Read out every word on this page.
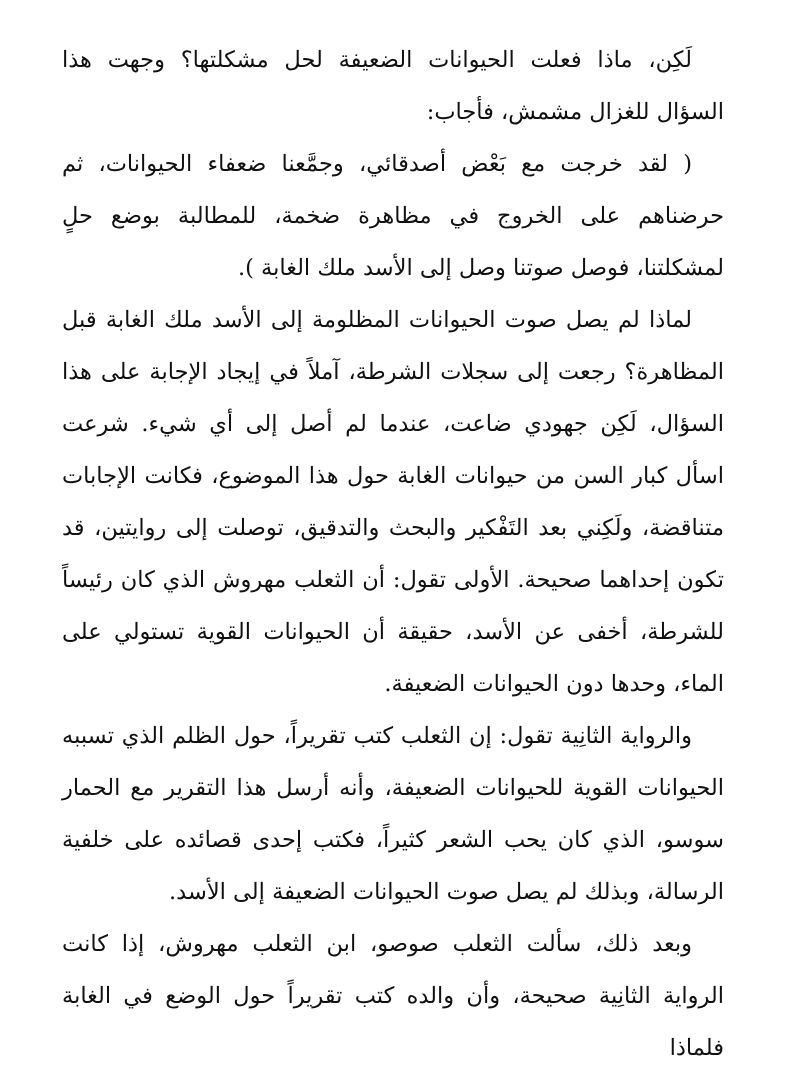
لَكِن، ماذا فعلت الحيوانات الضعيفة لحل مشكلتها؟ وجهت هذا السؤال للغزال مشمش، فأجاب:

( لقد خرجت مع بَعْض أصدقائي، وجمَّعنا ضعفاء الحيوانات، ثم حرضناهم على الخروج في مظاهرة ضخمة، للمطالبة بوضع حلٍ لمشكلتنا، فوصل صوتنا وصل إلى الأسد ملك الغابة ).

لماذا لم يصل صوت الحيوانات المظلومة إلى الأسد ملك الغابة قبل المظاهرة؟ رجعت إلى سجلات الشرطة، آملاً في إيجاد الإجابة على هذا السؤال، لَكِن جهودي ضاعت، عندما لم أصل إلى أي شيء. شرعت اسأل كبار السن من حيوانات الغابة حول هذا الموضوع، فكانت الإجابات متناقضة، ولَكِني بعد التَفْكير والبحث والتدقيق، توصلت إلى روايتين، قد تكون إحداهما صحيحة. الأولى تقول: أن الثعلب مهروش الذي كان رئيساً للشرطة، أخفى عن الأسد، حقيقة أن الحيوانات القوية تستولي على الماء، وحدها دون الحيوانات الضعيفة.

والرواية الثانِية تقول: إن الثعلب كتب تقريراً، حول الظلم الذي تسببه الحيوانات القوية للحيوانات الضعيفة، وأنه أرسل هذا التقرير مع الحمار سوسو، الذي كان يحب الشعر كثيراً، فكتب إحدى قصائده على خلفية الرسالة، وبذلك لم يصل صوت الحيوانات الضعيفة إلى الأسد.

وبعد ذلك، سألت الثعلب صوصو، ابن الثعلب مهروش، إذا كانت الرواية الثانِية صحيحة، وأن والده كتب تقريراً حول الوضع في الغابة فلماذا
